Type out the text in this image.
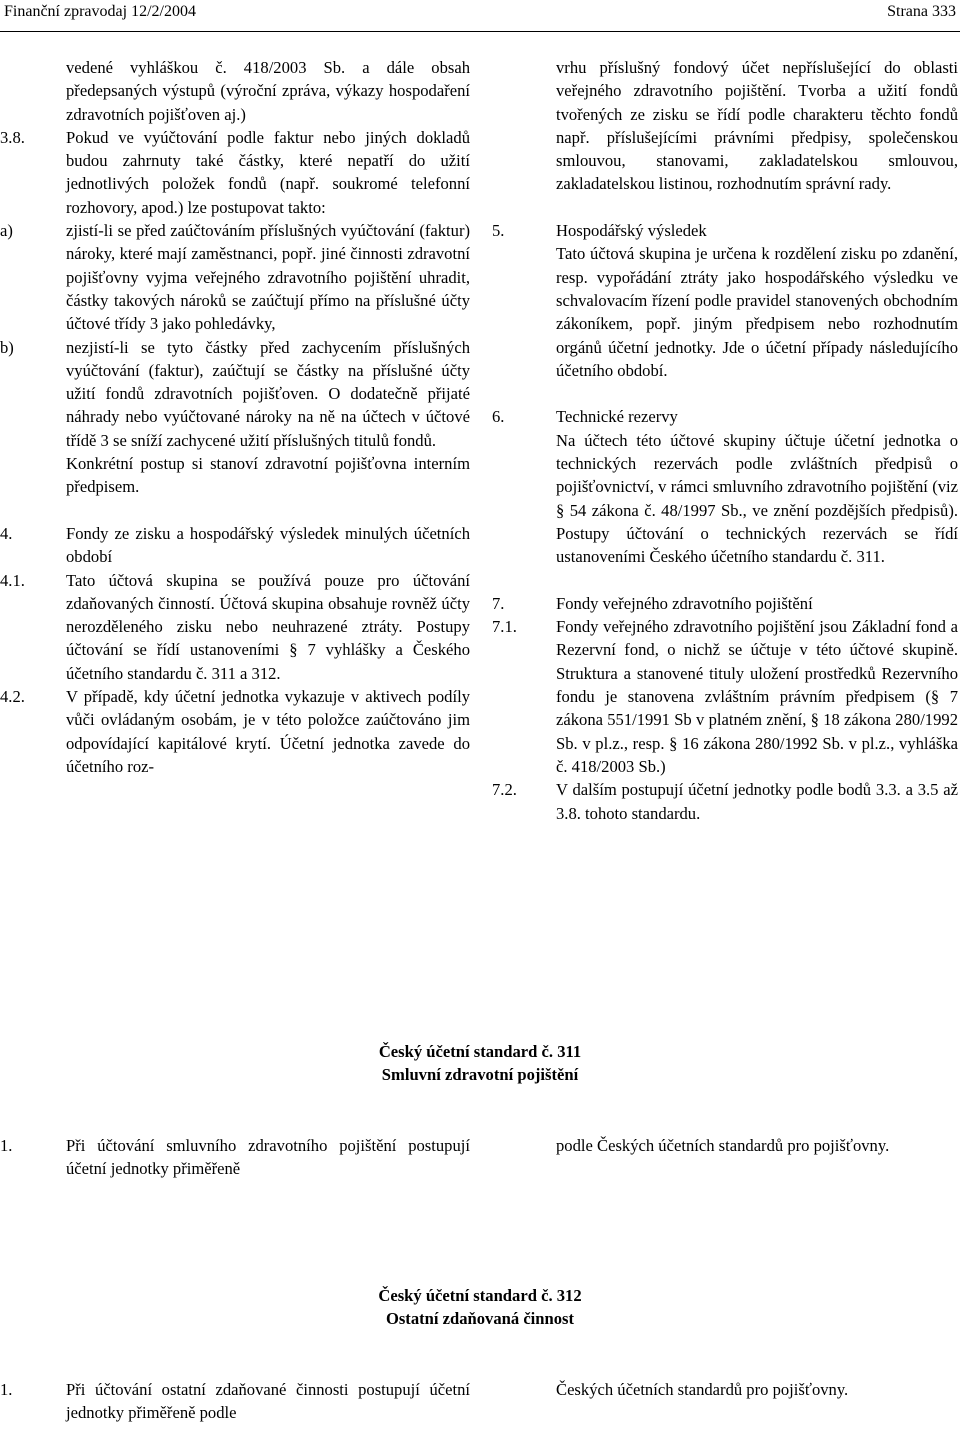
Finanční zpravodaj 12/2/2004	Strana 333
vedené vyhláškou č. 418/2003 Sb. a dále obsah předepsaných výstupů (výroční zpráva, výkazy hospodaření zdravotních pojišťoven aj.)
3.8.	Pokud ve vyúčtování podle faktur nebo jiných dokladů budou zahrnuty také částky, které nepatří do užití jednotlivých položek fondů (např. soukromé telefonní rozhovory, apod.) lze postupovat takto:
a)	zjistí-li se před zaúčtováním příslušných vyúčtování (faktur) nároky, které mají zaměstnanci, popř. jiné činnosti zdravotní pojišťovny vyjma veřejného zdravotního pojištění uhradit, částky takových nároků se zaúčtují přímo na příslušné účty účtové třídy 3 jako pohledávky,
b)	nezjistí-li se tyto částky před zachycením příslušných vyúčtování (faktur), zaúčtují se částky na příslušné účty užití fondů zdravotních pojišťoven. O dodatečně přijaté náhrady nebo vyúčtované nároky na ně na účtech v účtové třídě 3 se sníží zachycené užití příslušných titulů fondů.
Konkrétní postup si stanoví zdravotní pojišťovna interním předpisem.
4.	Fondy ze zisku a hospodářský výsledek minulých účetních období
4.1.	Tato účtová skupina se používá pouze pro účtování zdaňovaných činností. Účtová skupina obsahuje rovněž účty nerozděleného zisku nebo neuhrazené ztráty. Postupy účtování se řídí ustanoveními § 7 vyhlášky a Českého účetního standardu č. 311 a 312.
4.2.	V případě, kdy účetní jednotka vykazuje v aktivech podíly vůči ovládaným osobám, je v této položce zaúčtováno jim odpovídající kapitálové krytí. Účetní jednotka zavede do účetního roz-
vrhu příslušný fondový účet nepříslušející do oblasti veřejného zdravotního pojištění. Tvorba a užití fondů tvořených ze zisku se řídí podle charakteru těchto fondů např. příslušejícími právními předpisy, společenskou smlouvou, stanovami, zakladatelskou smlouvou, zakladatelskou listinou, rozhodnutím správní rady.
5.	Hospodářský výsledek
Tato účtová skupina je určena k rozdělení zisku po zdanění, resp. vypořádání ztráty jako hospodářského výsledku ve schvalovacím řízení podle pravidel stanovených obchodním zákoníkem, popř. jiným předpisem nebo rozhodnutím orgánů účetní jednotky. Jde o účetní případy následujícího účetního období.
6.	Technické rezervy
Na účtech této účtové skupiny účtuje účetní jednotka o technických rezervách podle zvláštních předpisů o pojišťovnictví, v rámci smluvního zdravotního pojištění (viz § 54 zákona č. 48/1997 Sb., ve znění pozdějších předpisů). Postupy účtování o technických rezervách se řídí ustanoveními Českého účetního standardu č. 311.
7.	Fondy veřejného zdravotního pojištění
7.1.	Fondy veřejného zdravotního pojištění jsou Základní fond a Rezervní fond, o nichž se účtuje v této účtové skupině. Struktura a stanovené tituly uložení prostředků Rezervního fondu je stanovena zvláštním právním předpisem (§ 7 zákona 551/1991 Sb v platném znění, § 18 zákona 280/1992 Sb. v pl.z., resp. § 16 zákona 280/1992 Sb. v pl.z., vyhláška č. 418/2003 Sb.)
7.2.	V dalším postupují účetní jednotky podle bodů 3.3. a 3.5 až 3.8. tohoto standardu.
Český účetní standard č. 311
Smluvní zdravotní pojištění
1.	Při účtování smluvního zdravotního pojištění postupují účetní jednotky přiměřeně
podle Českých účetních standardů pro pojišťovny.
Český účetní standard č. 312
Ostatní zdaňovaná činnost
1.	Při účtování ostatní zdaňované činnosti postupují účetní jednotky přiměřeně podle
Českých účetních standardů pro pojišťovny.
